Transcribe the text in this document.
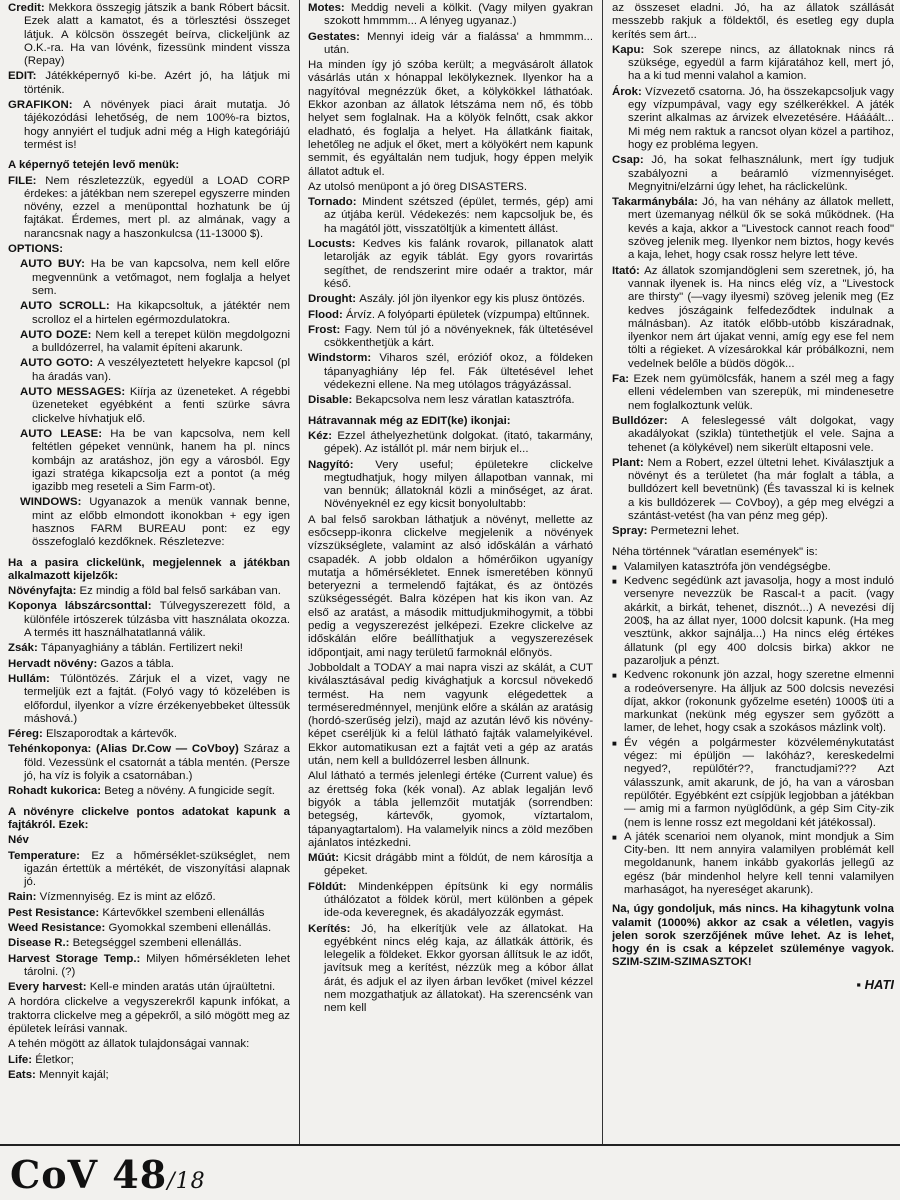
Credit: Mekkora összegig játszik a bank Róbert bácsit. Ezek alatt a kamatot, és a törlesztési összeget látjuk. A kölcsön összegét beírva, clickeljünk az O.K.-ra. Ha van lóvénk, fizessünk mindent vissza (Repay)

EDIT: Játékképernyő ki-be. Azért jó, ha látjuk mi történik.

GRAFIKON: A növények piaci árait mutatja. Jó tájékozódási lehetőség, de nem 100%-ra biztos, hogy annyiért el tudjuk adni még a High kategóriájú termést is!

A képernyő tetején levő menük:

FILE: Nem részletezzük, egyedül a LOAD CORP érdekes: a játékban nem szerepel egyszerre minden növény, ezzel a menüponttal hozhatunk be új fajtákat. Érdemes, mert pl. az almának, vagy a narancsnak nagy a haszonkulcsa (11-13000 $).

OPTIONS:

AUTO BUY: Ha be van kapcsolva, nem kell előre megvennünk a vetőmagot, nem foglalja a helyet sem.

AUTO SCROLL: Ha kikapcsoltuk, a játéktér nem scrolloz el a hirtelen egérmozdulatokra.

AUTO DOZE: Nem kell a terepet külön megdolgozni a bulldózerrel, ha valamit építeni akarunk.

AUTO GOTO: A veszélyeztetett helyekre kapcsol (pl ha áradás van).

AUTO MESSAGES: Kiírja az üzeneteket. A régebbi üzeneteket egyébként a fenti szürke sávra clickelve hívhatjuk elő.

AUTO LEASE: Ha be van kapcsolva, nem kell feltétlen gépeket vennünk, hanem ha pl. nincs kombájn az aratáshoz, jön egy a városból. Egy igazi stratéga kikapcsolja ezt a pontot (a még igazibb meg reseteli a Sim Farm-ot).

WINDOWS: Ugyanazok a menük vannak benne, mint az előbb elmondott ikonokban + egy igen hasznos FARM BUREAU pont: ez egy összefoglaló kezdőknek. Részletezve:

Ha a pasira clickelünk, megjelennek a játékban alkalmazott kijelzők:

Növényfajta: Ez mindig a föld bal felső sarkában van.

Koponya lábszárcsonttal: Túlvegyszerezett föld, a különféle irtószerek túlzásba vitt használata okozza. A termés itt használhatatlanná válik.

Zsák: Tápanyaghiány a táblán. Fertilizert neki!

Hervadt növény: Gazos a tábla.

Hullám: Túlöntözés. Zárjuk el a vizet, vagy ne termeljük ezt a fajtát. (Folyó vagy tó közelében is előfordul, ilyenkor a vízre érzékenyebbeket ültessük máshová.)

Féreg: Elszaporodtak a kártevők.

Tehénkoponya: (Alias Dr.Cow — CoVboy) Száraz a föld. Vezessünk el csatornát a tábla mentén. (Persze jó, ha víz is folyik a csatornában.)

Rohadt kukorica: Beteg a növény. A fungicide segít.

A növényre clickelve pontos adatokat kapunk a fajtákról. Ezek:

Név

Temperature: Ez a hőmérséklet-szükséglet, nem igazán értettük a mértékét, de viszonyítási alapnak jó.

Rain: Vízmennyiség. Ez is mint az előző.

Pest Resistance: Kártevőkkel szembeni ellenállás

Weed Resistance: Gyomokkal szembeni ellenállás.

Disease R.: Betegséggel szembeni ellenállás.

Harvest Storage Temp.: Milyen hőmérsékleten lehet tárolni. (?)

Every harvest: Kell-e minden aratás után újraültetni.

A hordóra clickelve a vegyszerekről kapunk infókat, a traktorra clickelve meg a gépekről, a siló mögött meg az épületek leírási vannak.

A tehén mögött az állatok tulajdonságai vannak:

Life: Életkor;

Eats: Mennyit kajál;

Motes: Meddig neveli a kölkit. (Vagy milyen gyakran szokott hmmmm... A lényeg ugyanaz.)

Gestates: Mennyi ideig vár a fialássa' a hmmmm... után.

Ha minden így jó szóba került; a megvásárolt állatok vásárlás után x hónappal lekölykeznek. Ilyenkor ha a nagyítóval megnézzük őket, a kölykökkel láthatóak. Ekkor azonban az állatok létszáma nem nő, és több helyet sem foglalnak. Ha a kölyök felnőtt, csak akkor eladható, és foglalja a helyet. Ha állatkánk fiaitak, lehetőleg ne adjuk el őket, mert a kölyökért nem kapunk semmit, és egyáltalán nem tudjuk, hogy éppen melyik állatot adtuk el.

Az utolsó menüpont a jó öreg DISASTERS.

Tornado: Mindent szétszed (épület, termés, gép) ami az útjába kerül. Védekezés: nem kapcsoljuk be, és ha magától jött, visszatöltjük a kimentett állást.

Locusts: Kedves kis falánk rovarok, pillanatok alatt letarolják az egyik táblát. Egy gyors rovarirtás segíthet, de rendszerint mire odaér a traktor, már késő.

Drought: Aszály. jól jön ilyenkor egy kis plusz öntözés.

Flood: Árvíz. A folyóparti épületek (vízpumpa) eltűnnek.

Frost: Fagy. Nem túl jó a növényeknek, fák ültetésével csökkenthetjük a kárt.

Windstorm: Viharos szél, erózióf okoz, a földeken tápanyaghiány lép fel. Fák ültetésével lehet védekezni ellene. Na meg utólagos trágyázással.

Disable: Bekapcsolva nem lesz váratlan katasztrófa.

Hátravannak még az EDIT(ke) ikonjai:

Kéz: Ezzel áthelyezhetünk dolgokat. (itató, takarmány, gépek). Az istállót pl. már nem birjuk el...

Nagyító: Very useful; épületekre clickelve megtudhatjuk, hogy milyen állapotban vannak, mi van bennük; állatoknál közli a minőséget, az árat. Növényeknél ez egy kicsit bonyolultabb:

A bal felső sarokban láthatjuk a növényt, mellette az esőcsepp-ikonra clickelve megjelenik a növények vízszükséglete, valamint az alsó időskálán a várható csapadék. A jobb oldalon a hőmérőikon ugyanígy mutatja a hőmérsékletet. Ennek ismeretében könnyű beteryezni a termelendő fajtákat, és az öntözés szükségességét. Balra középen hat kis ikon van. Az első az aratást, a második mittudjukmihogymit, a többi pedig a vegyszerezést jelképezi. Ezekre clickelve az időskálán előre beállíthatjuk a vegyszerezések időpontjait, ami nagy területű farmoknál előnyös.

Jobboldalt a TODAY a mai napra viszi az skálát, a CUT kiválasztásával pedig kivághatjuk a korcsul növekedő termést. Ha nem vagyunk elégedettek a terméseredménnyel, menjünk előre a skálán az aratásig (hordó-szerűség jelzi), majd az azután lévő kis növény-képet cseréljük ki a felül látható fajták valamelyikével. Ekkor automatikusan ezt a fajtát veti a gép az aratás után, nem kell a bulldózerrel lesben állnunk.

Alul látható a termés jelenlegi értéke (Current value) és az érettség foka (kék vonal). Az ablak legalján levő bigyók a tábla jellemzőit mutatják (sorrendben: betegség, kártevők, gyomok, víztartalom, tápanyagtartalom). Ha valamelyik nincs a zöld mezőben ajánlatos intézkedni.

Műút: Kicsit drágább mint a földút, de nem károsítja a gépeket.

Földút: Mindenképpen építsünk ki egy normális úthálózatot a földek körül, mert különben a gépek ide-oda keveregnek, és akadályozzák egymást.

Kerítés: Jó, ha elkerítjük vele az állatokat. Ha egyébként nincs elég kaja, az állatkák áttörik, és lelegelik a földeket. Ekkor gyorsan állítsuk le az időt, javítsuk meg a kerítést, nézzük meg a kóbor állat árát, és adjuk el az ilyen árban levőket (mivel kézzel nem mozgathatjuk az állatokat). Ha szerencsénk van nem kell

az összeset eladni. Jó, ha az állatok szállását messzebb rakjuk a földektől, és esetleg egy dupla kerítés sem árt...

Kapu: Sok szerepe nincs, az állatoknak nincs rá szüksége, egyedül a farm kijáratához kell, mert jó, ha a ki tud menni valahol a kamion.

Árok: Vízvezető csatorna. Jó, ha összekapcsoljuk vagy egy vízpumpával, vagy egy szélkerékkel. A játék szerint alkalmas az árvizek elvezetésére. Háááált... Mi még nem raktuk a rancsot olyan közel a partihoz, hogy ez probléma legyen.

Csap: Jó, ha sokat felhasználunk, mert így tudjuk szabályozni a beáramló vízmennyiséget. Megnyitni/elzárni úgy lehet, ha ráclickelünk.

Takarmánybála: Jó, ha van néhány az állatok mellett, mert üzemanyag nélkül ők se soká működnek. (Ha kevés a kaja, akkor a "Livestock cannot reach food" szöveg jelenik meg. Ilyenkor nem biztos, hogy kevés a kaja, lehet, hogy csak rossz helyre lett téve.

Itató: Az állatok szomjandögleni sem szeretnek, jó, ha vannak ilyenek is. Ha nincs elég víz, a "Livestock are thirsty" (—vagy ilyesmi) szöveg jelenik meg (Ez kedves jószágaink felfedeződtek indulnak a málnásban). Az itatók előbb-utóbb kiszáradnak, ilyenkor nem árt újakat venni, amíg egy ese fel nem tölti a régieket. A vízesárokkal kár próbálkozni, nem vedelnek belőle a büdös dögök...

Fa: Ezek nem gyümölcsfák, hanem a szél meg a fagy elleni védelemben van szerepük, mi mindenesetre nem foglalkoztunk velük.

Bulldózer: A feleslegessé vált dolgokat, vagy akadályokat (szikla) tüntethetjük el vele. Sajna a tehenet (a kölykével) nem sikerült eltaposni vele.

Plant: Nem a Robert, ezzel ültetni lehet. Kiválasztjuk a növényt és a területet (ha már foglalt a tábla, a bulldózert kell bevetnünk) (És tavasszal ki is kelnek a kis bulldózerek — CoVboy), a gép meg elvégzi a szántást-vetést (ha van pénz meg gép).

Spray: Permetezni lehet.

Néha történnek "váratlan események" is:

■ Valamilyen katasztrófa jön vendégségbe.
■ Kedvenc segédünk azt javasolja, hogy a most induló versenyre nevezzük be Rascal-t a pacit. (vagy akárkit, a birkát, tehenet, disznót...) A nevezési díj 200$, ha az állat nyer, 1000 dolcsit kapunk. (Ha meg vesztünk, akkor sajnálja...) Ha nincs elég értékes állatunk (pl egy 400 dolcsis birka) akkor ne pazaroljuk a pénzt.
■ Kedvenc rokonunk jön azzal, hogy szeretne elmenni a rodeóversenyre. Ha álljuk az 500 dolcsis nevezési díjat, akkor (rokonunk győzelme esetén) 1000$ üti a markunkat (nekünk még egyszer sem győzött a lamer, de lehet, hogy csak a szokásos mázlink volt).
■ Év végén a polgármester közvéleménykutatást végez: mi épüljön — lakóház?, kereskedelmi negyed?, repülőtér??, franctudjami??? Azt válasszunk, amit akarunk, de jó, ha van a városban repülőtér. Egyébként ezt csípjük legjobban a játékban — amig mi a farmon nyüglődünk, a gép Sim City-zik (nem is lenne rossz ezt megoldani két játékossal).
■ A játék scenarioi nem olyanok, mint mondjuk a Sim City-ben. Itt nem annyira valamilyen problémát kell megoldanunk, hanem inkább gyakorlás jellegű az egész (bár mindenhol helyre kell tenni valamilyen marhaságot, ha nyereséget akarunk).

Na, úgy gondoljuk, más nincs. Ha kihagytunk volna valamit (1000%) akkor az csak a véletlen, vagyis jelen sorok szerzőjének műve lehet. Az is lehet, hogy én is csak a képzelet szüleménye vagyok. SZIM-SZIM-SZIMASZTOK!

▪ HATI

CoV 48/18
